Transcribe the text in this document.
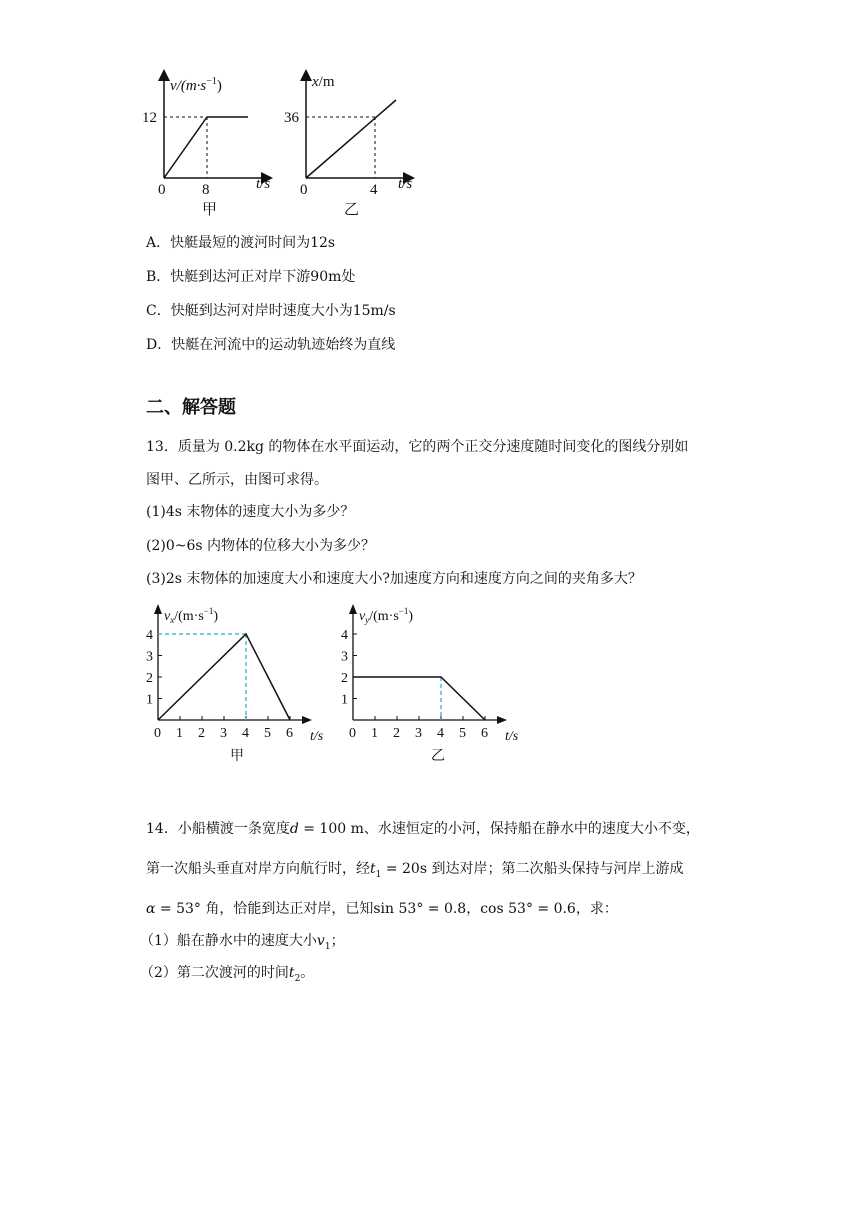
$v/(m\cdot s^{-1})$
12
0 8	t/s
甲
x/m
36
0	4 t/s
乙
A．快艇最短的渡河时间为12s
B．快艇到达河正对岸下游90m处
C．快艇到达河对岸时速度大小为15m/s
D．快艇在河流中的运动轨迹始终为直线
二、解答题
13．质量为 0.2kg 的物体在水平面运动，它的两个正交分速度随时间变化的图线分别如
图甲、乙所示，由图可求得。
(1)4s 末物体的速度大小为多少？
(2)0~6s 内物体的位移大小为多少？
(3)2s 末物体的加速度大小和速度大小?加速度方向和速度方向之间的夹角多大？
0 1 2 3 4 5 6
1
2
3
4
$v_x/(m\cdot s^{-1})$
t/s
甲
0 1 2 3 4 5 6
1
2
3
4
$v_y/(m\cdot s^{-1})$
t/s
乙
14．小船横渡一条宽度d = 100 m、水速恒定的小河，保持船在静水中的速度大小不变，
第一次船头垂直对岸方向航行时，经$t_1 = 20s$ 到达对岸；第二次船头保持与河岸上游成
α = 53° 角，恰能到达正对岸，已知sin 53° = 0.8，cos 53° = 0.6，求：
（1）船在静水中的速度大小$v_1$；
（2）第二次渡河的时间$t_2$。
